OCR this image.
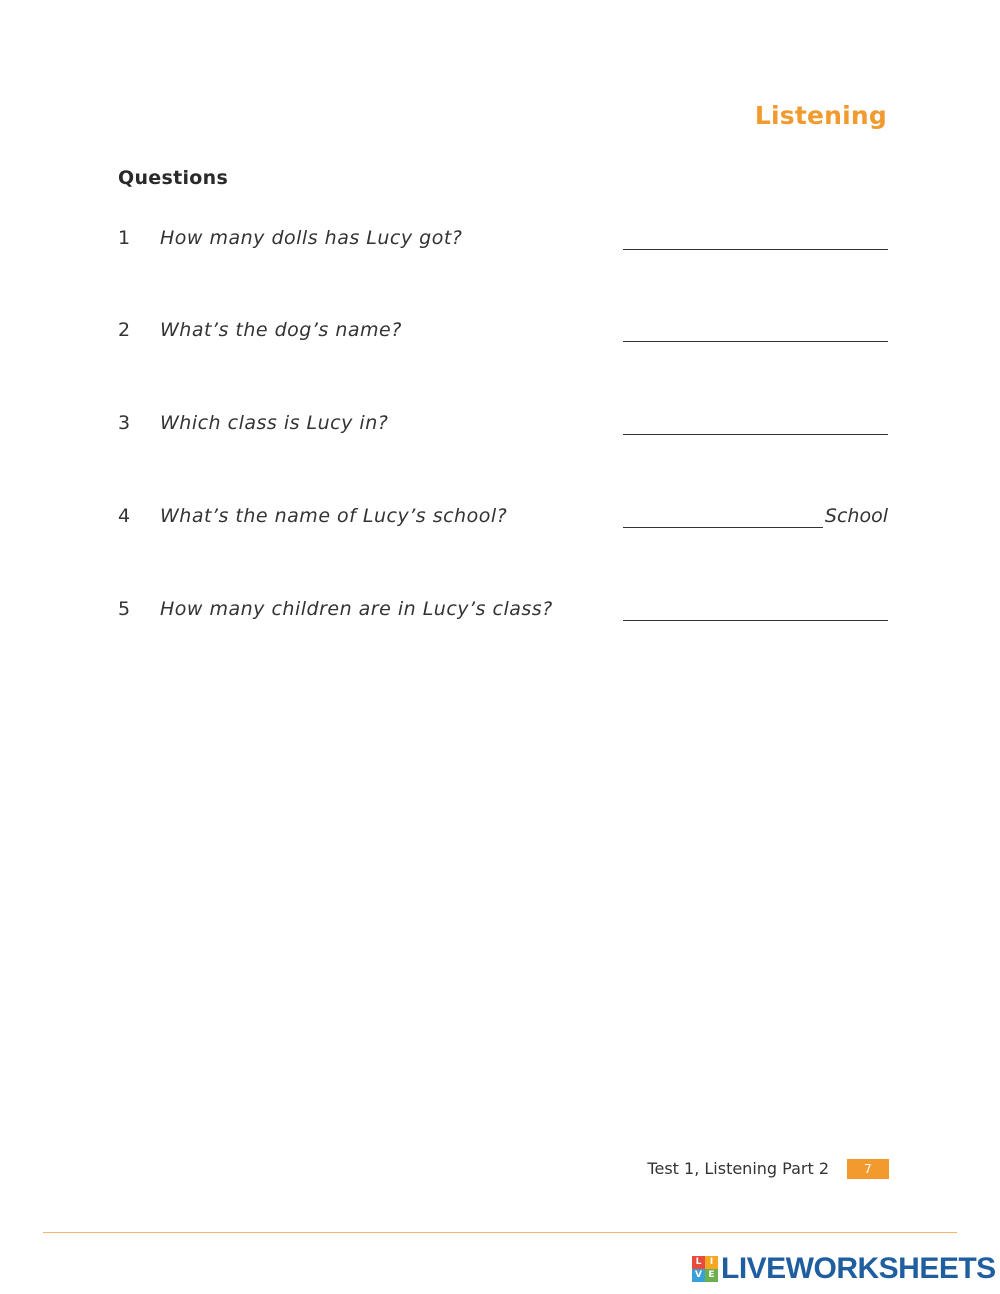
Listening
Questions
1 How many dolls has Lucy got?
2 What’s the dog’s name?
3 Which class is Lucy in?
4 What’s the name of Lucy’s school?	School
5 How many children are in Lucy’s class?
Test 1, Listening Part 2	7
L I
V E LIVEWORKSHEETS
